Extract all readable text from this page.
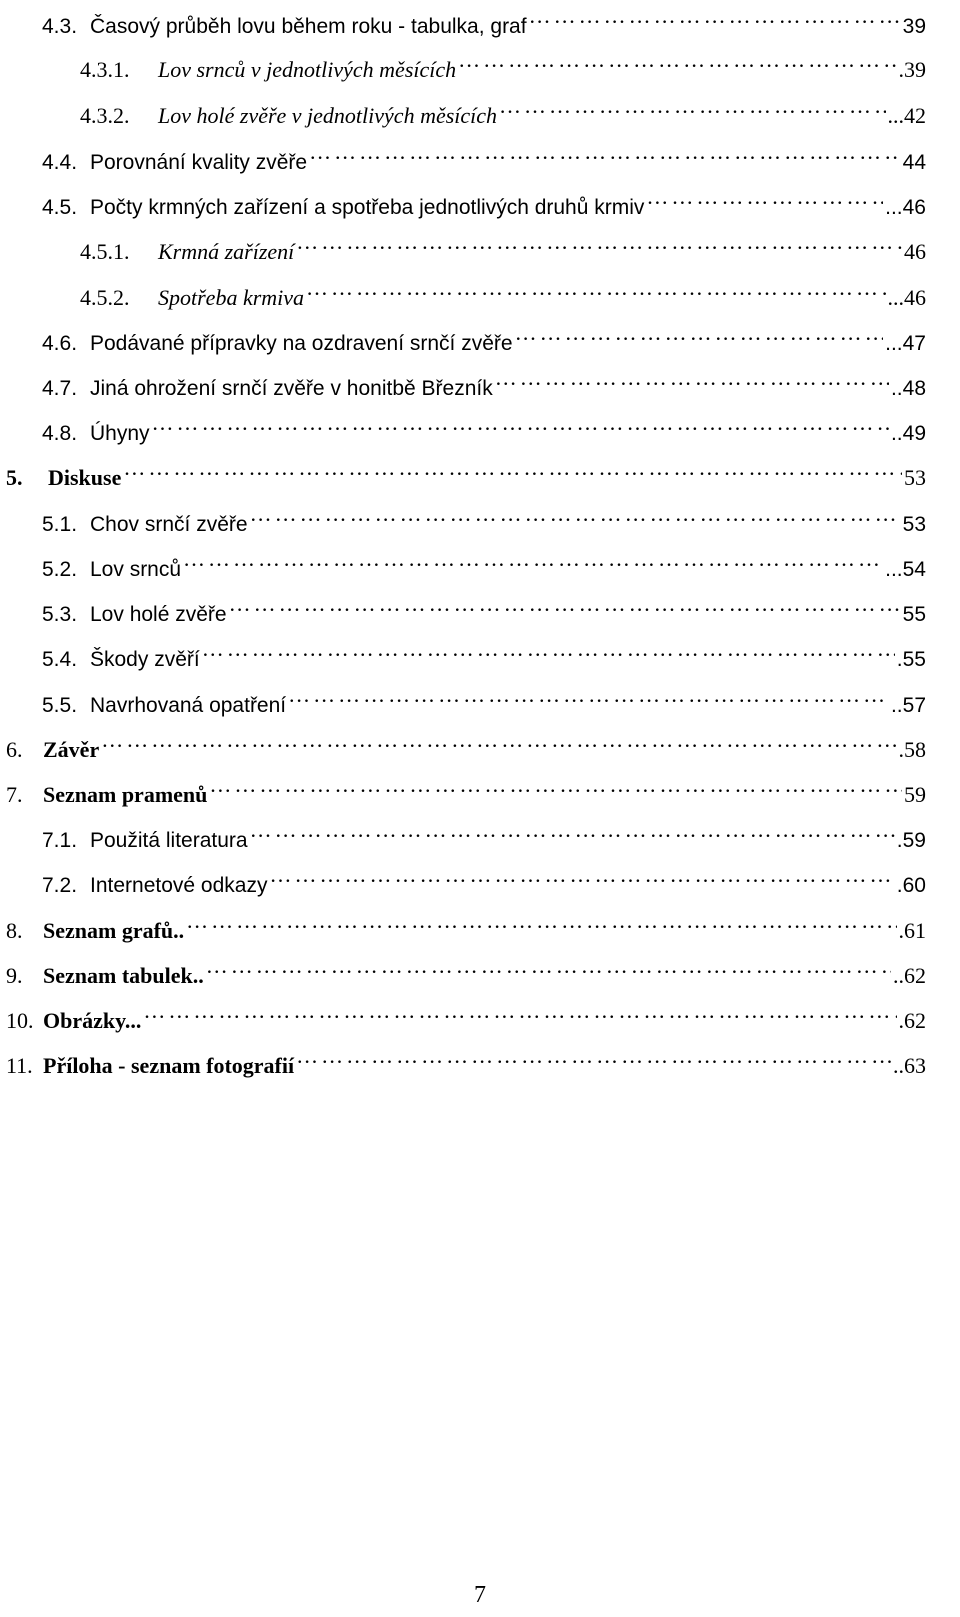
4.3. Časový průběh lovu během roku - tabulka, graf ………………………………………………………………………………………………………………………………………………	39
4.3.1.	Lov srnců v jednotlivých měsících ………………………………………………………………………………………………………………………………………………	.39
4.3.2.	Lov holé zvěře v jednotlivých měsících ………………………………………………………………………………………………………………………………………………	...42
4.4. Porovnání kvality zvěře ………………………………………………………………………………………………………………………………………………	44
4.5. Počty krmných zařízení a spotřeba jednotlivých druhů krmiv ………………………………………………………………………………………………………………………………………………	...46
4.5.1.	Krmná zařízení ………………………………………………………………………………………………………………………………………………	46
4.5.2.	Spotřeba krmiva ………………………………………………………………………………………………………………………………………………	...46
4.6. Podávané přípravky na ozdravení srnčí zvěře ………………………………………………………………………………………………………………………………………………	...47
4.7. Jiná ohrožení srnčí zvěře v honitbě Březník ………………………………………………………………………………………………………………………………………………	..48
4.8. Úhyny ………………………………………………………………………………………………………………………………………………	..49
5.	Diskuse ………………………………………………………………………………………………………………………………………………	53
5.1. Chov srnčí zvěře ………………………………………………………………………………………………………………………………………………	53
5.2. Lov srnců ………………………………………………………………………………………………………………………………………………	...54
5.3. Lov holé zvěře ………………………………………………………………………………………………………………………………………………	55
5.4. Škody zvěří ………………………………………………………………………………………………………………………………………………	.55
5.5. Navrhovaná opatření ………………………………………………………………………………………………………………………………………………	..57
6. Závěr ………………………………………………………………………………………………………………………………………………	.58
7. Seznam pramenů ………………………………………………………………………………………………………………………………………………	59
7.1. Použitá literatura ………………………………………………………………………………………………………………………………………………	.59
7.2. Internetové odkazy ………………………………………………………………………………………………………………………………………………	.60
8. Seznam grafů.. ………………………………………………………………………………………………………………………………………………	.61
9. Seznam tabulek.. ………………………………………………………………………………………………………………………………………………	..62
10. Obrázky... ………………………………………………………………………………………………………………………………………………	.62
11. Příloha - seznam fotografií ………………………………………………………………………………………………………………………………………………	..63
7
